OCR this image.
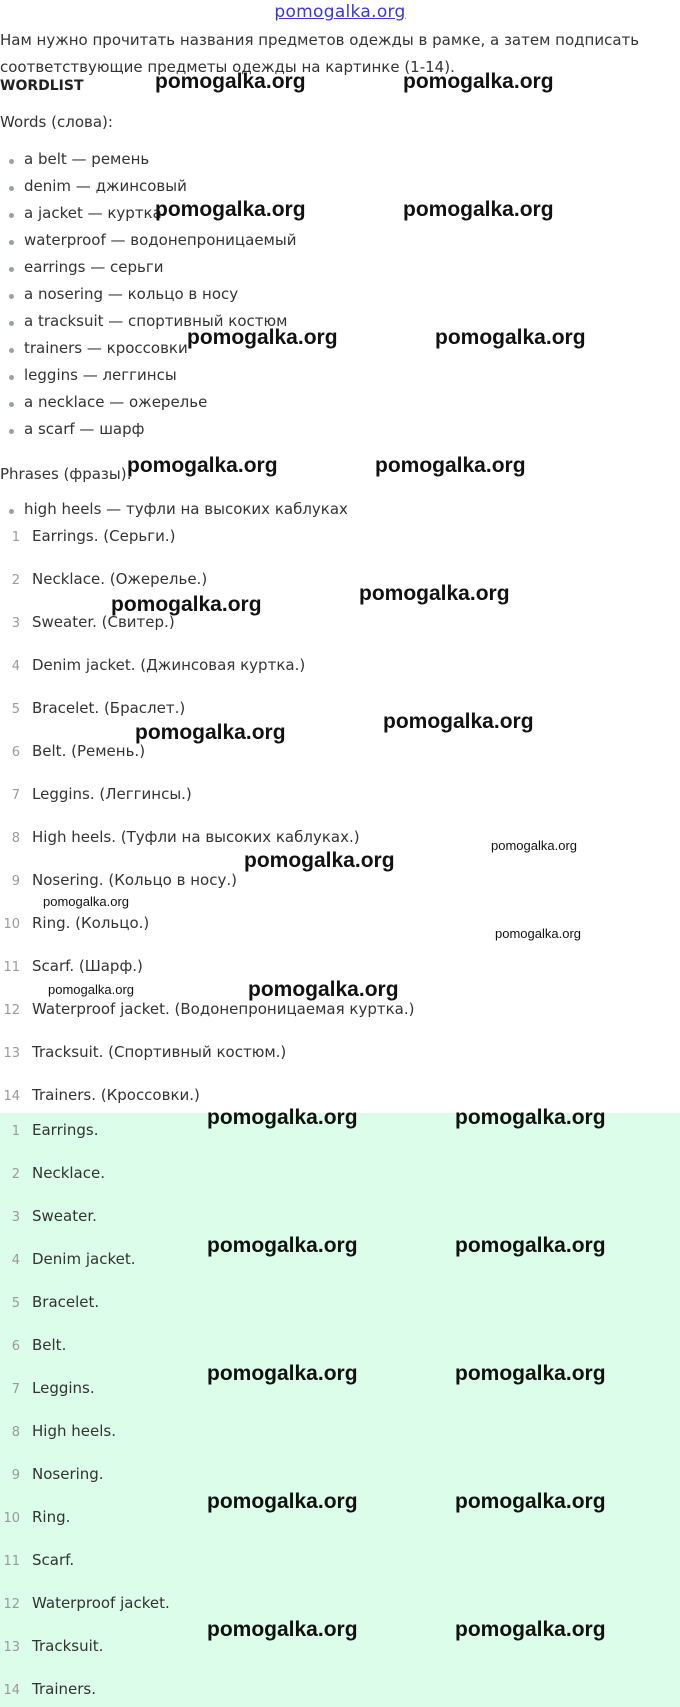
pomogalka.org
Нам нужно прочитать названия предметов одежды в рамке, а затем подписать соответствующие предметы одежды на картинке (1-14).
WORDLIST
Words (слова):
a belt — ремень
denim — джинсовый
a jacket — куртка
waterproof — водонепроницаемый
earrings — серьги
a nosering — кольцо в носу
a tracksuit — спортивный костюм
trainers — кроссовки
leggins — леггинсы
a necklace — ожерелье
a scarf — шарф
Phrases (фразы):
high heels — туфли на высоких каблуках
1 Earrings. (Серьги.)
2 Necklace. (Ожерелье.)
3 Sweater. (Свитер.)
4 Denim jacket. (Джинсовая куртка.)
5 Bracelet. (Браслет.)
6 Belt. (Ремень.)
7 Leggins. (Леггинсы.)
8 High heels. (Туфли на высоких каблуках.)
9 Nosering. (Кольцо в носу.)
10 Ring. (Кольцо.)
11 Scarf. (Шарф.)
12 Waterproof jacket. (Водонепроницаемая куртка.)
13 Tracksuit. (Спортивный костюм.)
14 Trainers. (Кроссовки.)
1 Earrings.
2 Necklace.
3 Sweater.
4 Denim jacket.
5 Bracelet.
6 Belt.
7 Leggins.
8 High heels.
9 Nosering.
10 Ring.
11 Scarf.
12 Waterproof jacket.
13 Tracksuit.
14 Trainers.
pomogalka.org	pomogalka.org
pomogalka.org	pomogalka.org
pomogalka.org	pomogalka.org
pomogalka.org	pomogalka.org
pomogalka.org	pomogalka.org
pomogalka.org	pomogalka.org
pomogalka.org
pomogalka.org
pomogalka.org
pomogalka.org
pomogalka.org	pomogalka.org
pomogalka.org	pomogalka.org
pomogalka.org	pomogalka.org
pomogalka.org	pomogalka.org
pomogalka.org	pomogalka.org
pomogalka.org	pomogalka.org
